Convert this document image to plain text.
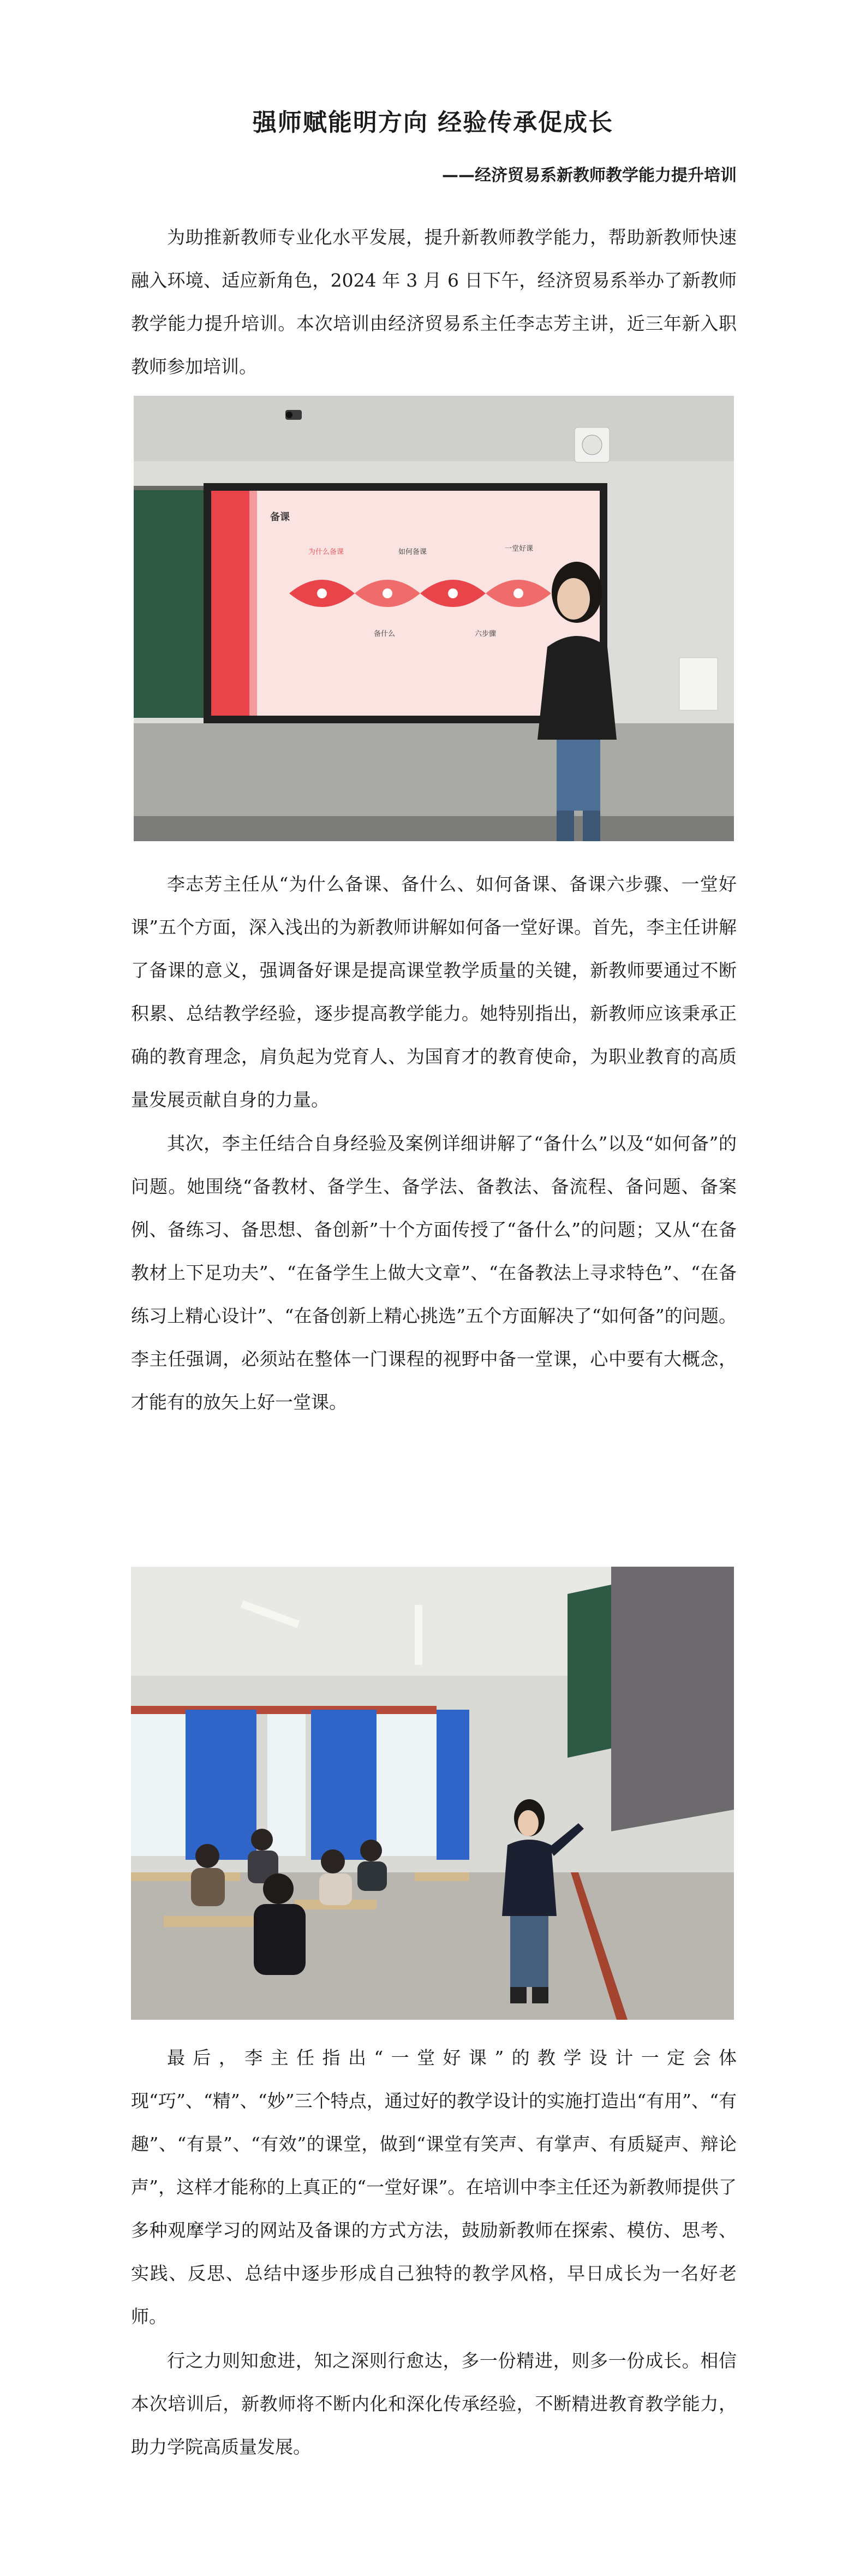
强师赋能明方向 经验传承促成长
——经济贸易系新教师教学能力提升培训

为助推新教师专业化水平发展，提升新教师教学能力，帮助新教师快速融入环境、适应新角色，2024 年 3 月 6 日下午，经济贸易系举办了新教师教学能力提升培训。本次培训由经济贸易系主任李志芳主讲，近三年新入职教师参加培训。

备课
为什么备课	如何备课	一堂好课
备什么	六步骤

李志芳主任从“为什么备课、备什么、如何备课、备课六步骤、一堂好课”五个方面，深入浅出的为新教师讲解如何备一堂好课。首先，李主任讲解了备课的意义，强调备好课是提高课堂教学质量的关键，新教师要通过不断积累、总结教学经验，逐步提高教学能力。她特别指出，新教师应该秉承正确的教育理念，肩负起为党育人、为国育才的教育使命，为职业教育的高质量发展贡献自身的力量。

其次，李主任结合自身经验及案例详细讲解了“备什么”以及“如何备”的问题。她围绕“备教材、备学生、备学法、备教法、备流程、备问题、备案例、备练习、备思想、备创新”十个方面传授了“备什么”的问题；又从“在备教材上下足功夫”、“在备学生上做大文章”、“在备教法上寻求特色”、“在备练习上精心设计”、“在备创新上精心挑选”五个方面解决了“如何备”的问题。李主任强调，必须站在整体一门课程的视野中备一堂课，心中要有大概念，才能有的放矢上好一堂课。

最后，李主任指出“一堂好课”的教学设计一定会体现“巧”、“精”、“妙”三个特点，通过好的教学设计的实施打造出“有用”、“有趣”、“有景”、“有效”的课堂，做到“课堂有笑声、有掌声、有质疑声、辩论声”，这样才能称的上真正的“一堂好课”。在培训中李主任还为新教师提供了多种观摩学习的网站及备课的方式方法，鼓励新教师在探索、模仿、思考、实践、反思、总结中逐步形成自己独特的教学风格，早日成长为一名好老师。

行之力则知愈进，知之深则行愈达，多一份精进，则多一份成长。相信本次培训后，新教师将不断内化和深化传承经验，不断精进教育教学能力，助力学院高质量发展。
